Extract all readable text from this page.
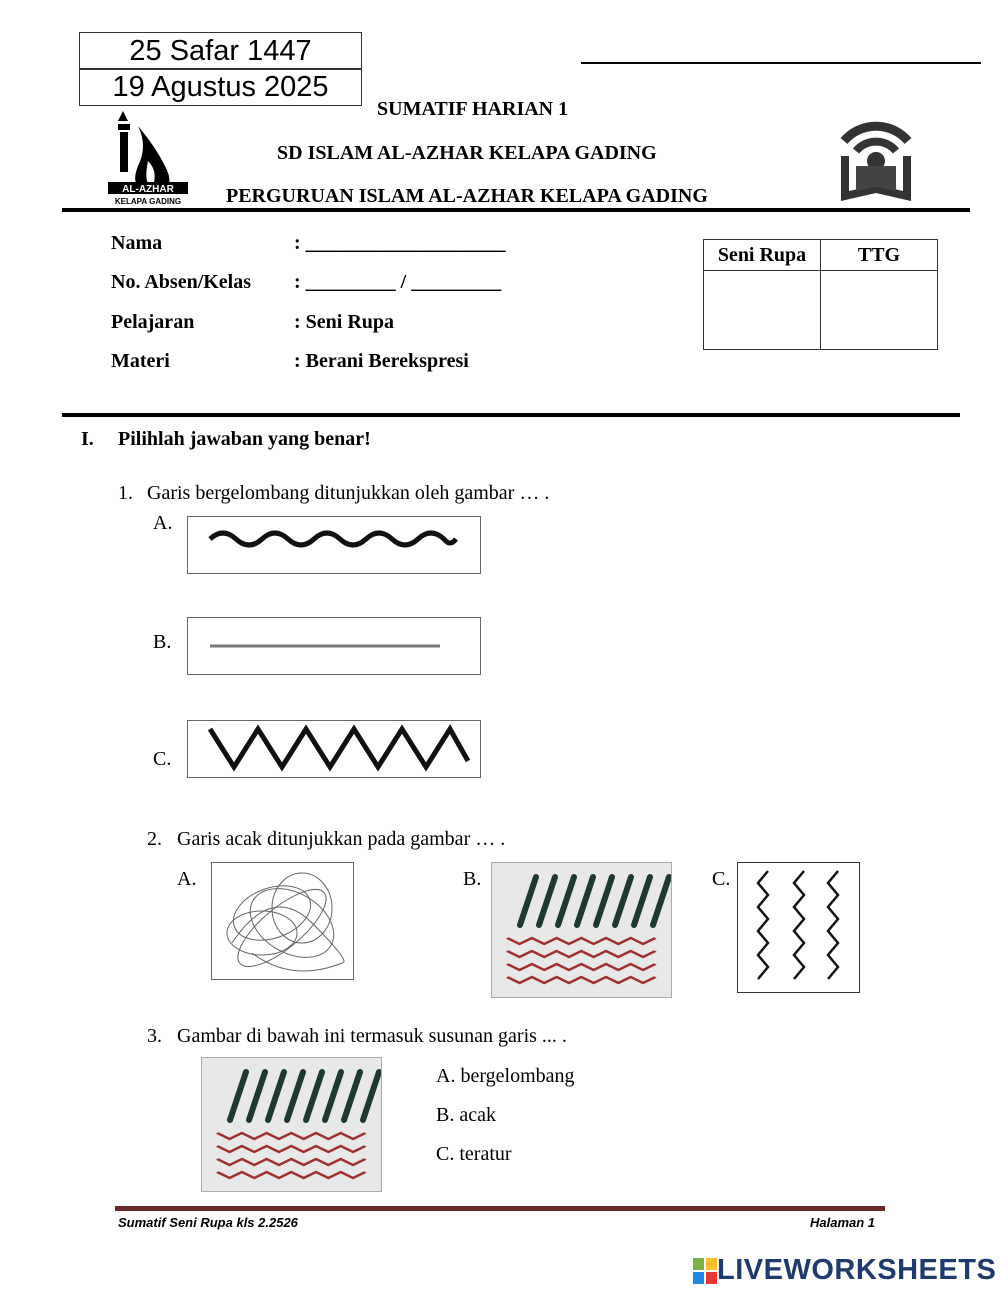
25 Safar 1447
19 Agustus 2025
AL-AZHAR
KELAPA GADING
SUMATIF HARIAN 1
SD ISLAM AL-AZHAR KELAPA GADING
PERGURUAN ISLAM AL-AZHAR KELAPA GADING
Nama	: ____________________
No. Absen/Kelas : _________ / _________
Pelajaran	: Seni Rupa
Materi	: Berani Berekspresi
Seni Rupa	TTG

I. Pilihlah jawaban yang benar!
1. Garis bergelombang ditunjukkan oleh gambar … .
A.
B.
C.
2. Garis acak ditunjukkan pada gambar … .
A.	B.	C.
3. Gambar di bawah ini termasuk susunan garis ... .
A. bergelombang
B. acak
C. teratur
Sumatif Seni Rupa kls 2.2526	Halaman 1
LIVEWORKSHEETS
